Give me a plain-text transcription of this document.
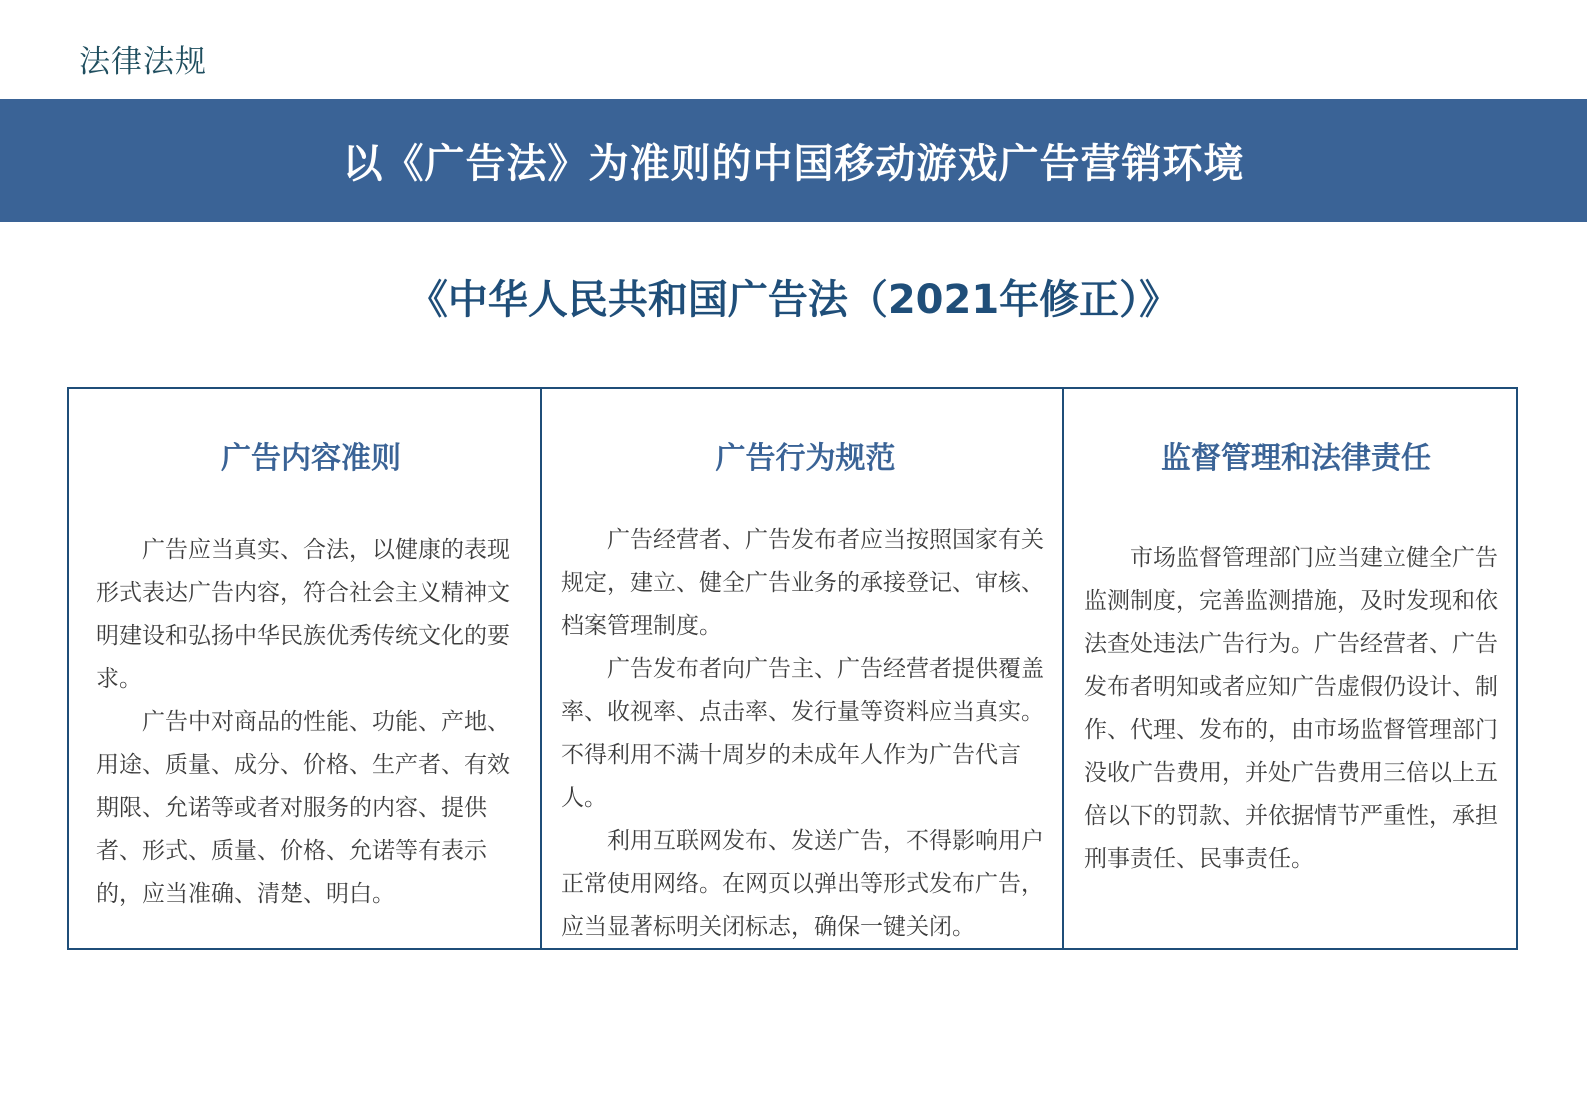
法律法规
以《广告法》为准则的中国移动游戏广告营销环境
《中华人民共和国广告法（2021年修正）》
广告内容准则

广告应当真实、合法，以健康的表现形式表达广告内容，符合社会主义精神文明建设和弘扬中华民族优秀传统文化的要求。

广告中对商品的性能、功能、产地、用途、质量、成分、价格、生产者、有效期限、允诺等或者对服务的内容、提供者、形式、质量、价格、允诺等有表示的，应当准确、清楚、明白。

广告行为规范

广告经营者、广告发布者应当按照国家有关规定，建立、健全广告业务的承接登记、审核、档案管理制度。

广告发布者向广告主、广告经营者提供覆盖率、收视率、点击率、发行量等资料应当真实。不得利用不满十周岁的未成年人作为广告代言人。

利用互联网发布、发送广告，不得影响用户正常使用网络。在网页以弹出等形式发布广告，应当显著标明关闭标志，确保一键关闭。

监督管理和法律责任

市场监督管理部门应当建立健全广告监测制度，完善监测措施，及时发现和依法查处违法广告行为。广告经营者、广告发布者明知或者应知广告虚假仍设计、制作、代理、发布的，由市场监督管理部门没收广告费用，并处广告费用三倍以上五倍以下的罚款、并依据情节严重性，承担刑事责任、民事责任。
